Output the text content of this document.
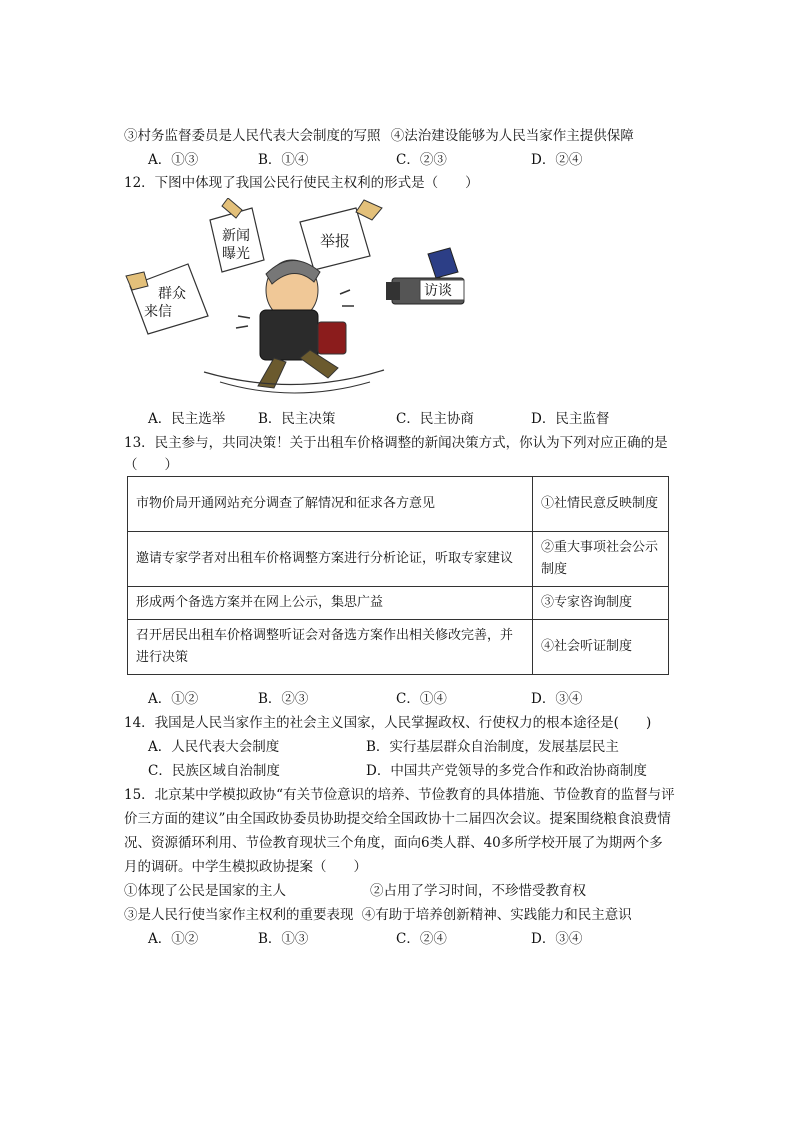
③村务监督委员是人民代表大会制度的写照 ④法治建设能够为人民当家作主提供保障
A．①③	B．①④	C．②③	D．②④
12．下图中体现了我国公民行使民主权利的形式是（　　）
新闻 曝光
举报
群众 来信
访谈
A．民主选举 B．民主决策	C．民主协商	D．民主监督
13．民主参与，共同决策！关于出租车价格调整的新闻决策方式，你认为下列对应正确的是
（　　）
市物价局开通网站充分调查了解情况和征求各方意见	①社情民意反映制度
邀请专家学者对出租车价格调整方案进行分析论证，听取专家建议	②重大事项社会公示制度
形成两个备选方案并在网上公示，集思广益	③专家咨询制度
召开居民出租车价格调整听证会对备选方案作出相关修改完善，并进行决策	④社会听证制度
A．①②	B．②③	C．①④	D．③④
14．我国是人民当家作主的社会主义国家，人民掌握政权、行使权力的根本途径是(　　)
A．人民代表大会制度	B．实行基层群众自治制度，发展基层民主
C．民族区域自治制度	D．中国共产党领导的多党合作和政治协商制度
15．北京某中学模拟政协“有关节俭意识的培养、节俭教育的具体措施、节俭教育的监督与评
价三方面的建议”由全国政协委员协助提交给全国政协十二届四次会议。提案围绕粮食浪费情
况、资源循环利用、节俭教育现状三个角度，面向6类人群、40多所学校开展了为期两个多
月的调研。中学生模拟政协提案（　　）
①体现了公民是国家的主人	②占用了学习时间，不珍惜受教育权
③是人民行使当家作主权利的重要表现 ④有助于培养创新精神、实践能力和民主意识
A．①②	B．①③	C．②④	D．③④
